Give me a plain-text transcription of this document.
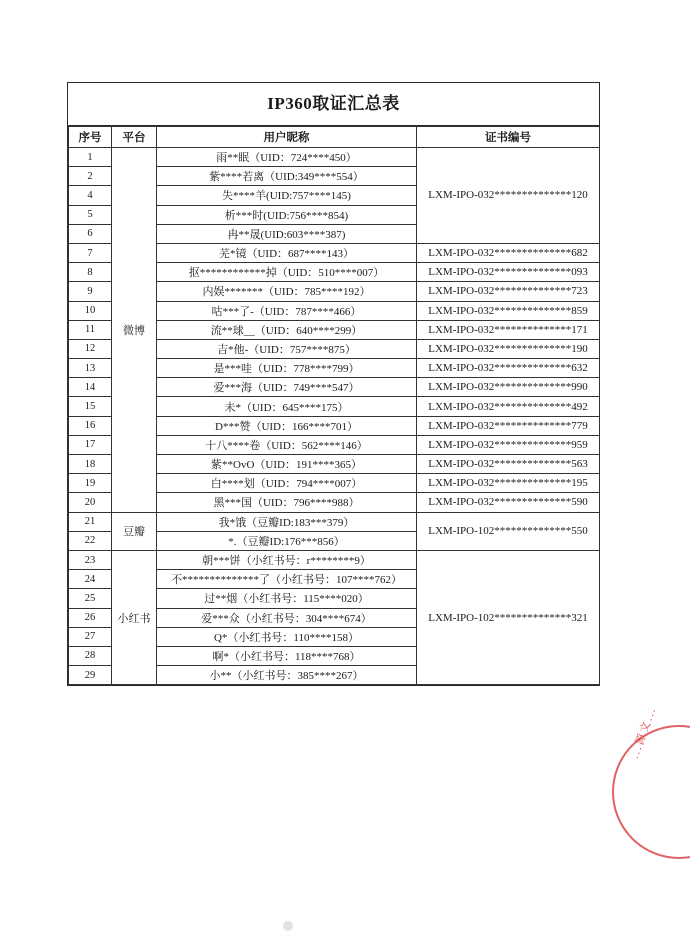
IP360取证汇总表
序号	平台	用户昵称	证书编号
1	微博	雨**眠（UID：724****450）	LXM-IPO-032**************120
2		紫****若离（UID:349****554）	
4		失****羊(UID:757****145)	
5		析***时(UID:756****854)	
6		冉**晟(UID:603****387)	
7		芜*镜（UID：687****143）	LXM-IPO-032**************682
8		抠************掉（UID：510****007）	LXM-IPO-032**************093
9		内娱*******（UID：785****192）	LXM-IPO-032**************723
10		咕***了-（UID：787****466）	LXM-IPO-032**************859
11		流**球__（UID：640****299）	LXM-IPO-032**************171
12		吉*他-（UID：757****875）	LXM-IPO-032**************190
13		是***哇（UID：778****799）	LXM-IPO-032**************632
14		爱***海（UID：749****547）	LXM-IPO-032**************990
15		未*（UID：645****175）	LXM-IPO-032**************492
16		D***赞（UID：166****701）	LXM-IPO-032**************779
17		十八****卷（UID：562****146）	LXM-IPO-032**************959
18		紫**OvO（UID：191****365）	LXM-IPO-032**************563
19		白****划（UID：794****007）	LXM-IPO-032**************195
20		黑***国（UID：796****988）	LXM-IPO-032**************590
21	豆瓣	我*饿（豆瓣ID:183***379）	LXM-IPO-102**************550
22		*.（豆瓣ID:176***856）	
23	小红书	朝***饼（小红书号：r********9）	LXM-IPO-102**************321
24		不**************了（小红书号：107****762）	
25		过**烟（小红书号：115****020）	
26		爱***众（小红书号：304****674）	
27		Q*（小红书号：110****158）	
28		啊*（小红书号：118****768）	
29		小**（小红书号：385****267）	
...源文...
